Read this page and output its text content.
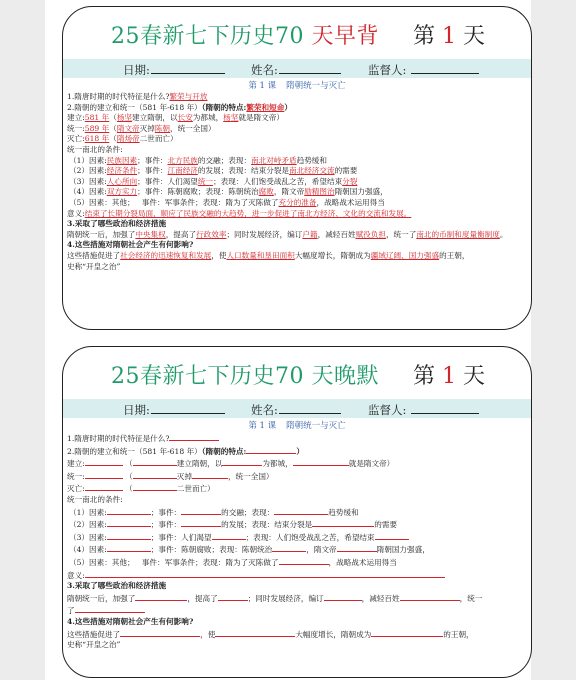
25春新七下历史70 天早背 第 1 天
日期:	姓名:	监督人:
第 1 课 隋朝统一与灭亡
1.隋唐时期的时代特征是什么?繁荣与开放
2.隋朝的建立和统一（581 年-618 年）（隋朝的特点:繁荣和短命）
建立:581 年（杨坚建立隋朝，以长安为都城，杨坚就是隋文帝）
统一:589 年（隋文帝灭掉陈朝，统一全国）
灭亡:618 年（隋炀帝二世而亡）
统一南北的条件:
（1）因素:民族因素；事件：北方民族的交融；表现：南北对峙矛盾趋势缓和
（2）因素:经济条件；事件：江南经济的发展；表现：结束分裂是南北经济交流的需要
（3）因素:人心所向；事件：人们渴望统一；表现：人们饱受战乱之苦，希望结束分裂
（4）因素:双方实力；事件：陈朝腐败；表现：陈朝统治腐败，隋文帝励精图治隋朝国力强盛，
（5）因素：其他； 事件：军事条件；表现：隋为了灭陈做了充分的准备，战略战术运用得当
意义:结束了长期分裂局面，顺应了民族交融的大趋势，进一步促进了南北方经济、文化的交流和发展。
3.采取了哪些政治和经济措施
隋朝统一后，加强了中央集权，提高了行政效率；同时发展经济，编订户籍，减轻百姓赋役负担，统一了南北的币制和度量衡制度。
4.这些措施对隋朝社会产生有何影响?
这些措施促进了社会经济的迅速恢复和发展，使人口数量和垦田面积大幅度增长，隋朝成为疆域辽阔、国力强盛的王朝，
史称“开皇之治”
25春新七下历史70 天晚默 第 1 天
日期:	姓名:	监督人:
第 1 课 隋朝统一与灭亡
1.隋唐时期的时代特征是什么?
2.隋朝的建立和统一（581 年-618 年）（隋朝的特点:	）
建立:	（	建立隋朝，以	为都城，	就是隋文帝）
统一:	（	灭掉	，统一全国）
灭亡:	（	二世而亡）
统一南北的条件:
（1）因素:	；事件：	的交融；表现：	趋势缓和
（2）因素:	；事件：	的发展；表现：结束分裂是	的需要
（3）因素:	；事件：人们渴望	；表现：人们饱受战乱之苦，希望结束
（4）因素:	；事件：陈朝腐败；表现：陈朝统治	，隋文帝	隋朝国力强盛，
（5）因素：其他； 事件：军事条件；表现：隋为了灭陈做了	，战略战术运用得当
意义:
3.采取了哪些政治和经济措施
隋朝统一后，加强了	，提高了	；同时发展经济，编订	，减轻百姓	，统一
了
4.这些措施对隋朝社会产生有何影响?
这些措施促进了	，使	大幅度增长，隋朝成为	的王朝，
史称“开皇之治”
